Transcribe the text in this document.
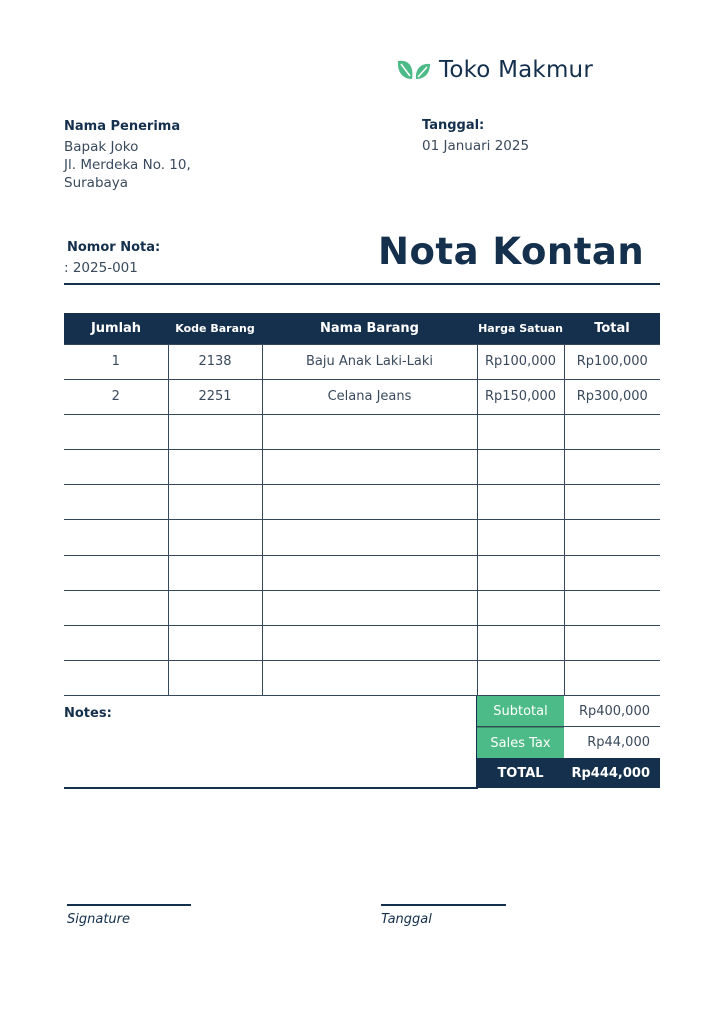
Toko Makmur
Nama Penerima
Bapak Joko
Jl. Merdeka No. 10,
Surabaya
Tanggal:
01 Januari 2025
Nomor Nota:
: 2025-001	Nota Kontan
Jumlah	Kode Barang	Nama Barang	Harga Satuan	Total
1	2138	Baju Anak Laki-Laki	Rp100,000	Rp100,000
2	2251	Celana Jeans	Rp150,000	Rp300,000

Notes:	Subtotal	Rp400,000
Sales Tax	Rp44,000
TOTAL	Rp444,000
Signature	Tanggal
